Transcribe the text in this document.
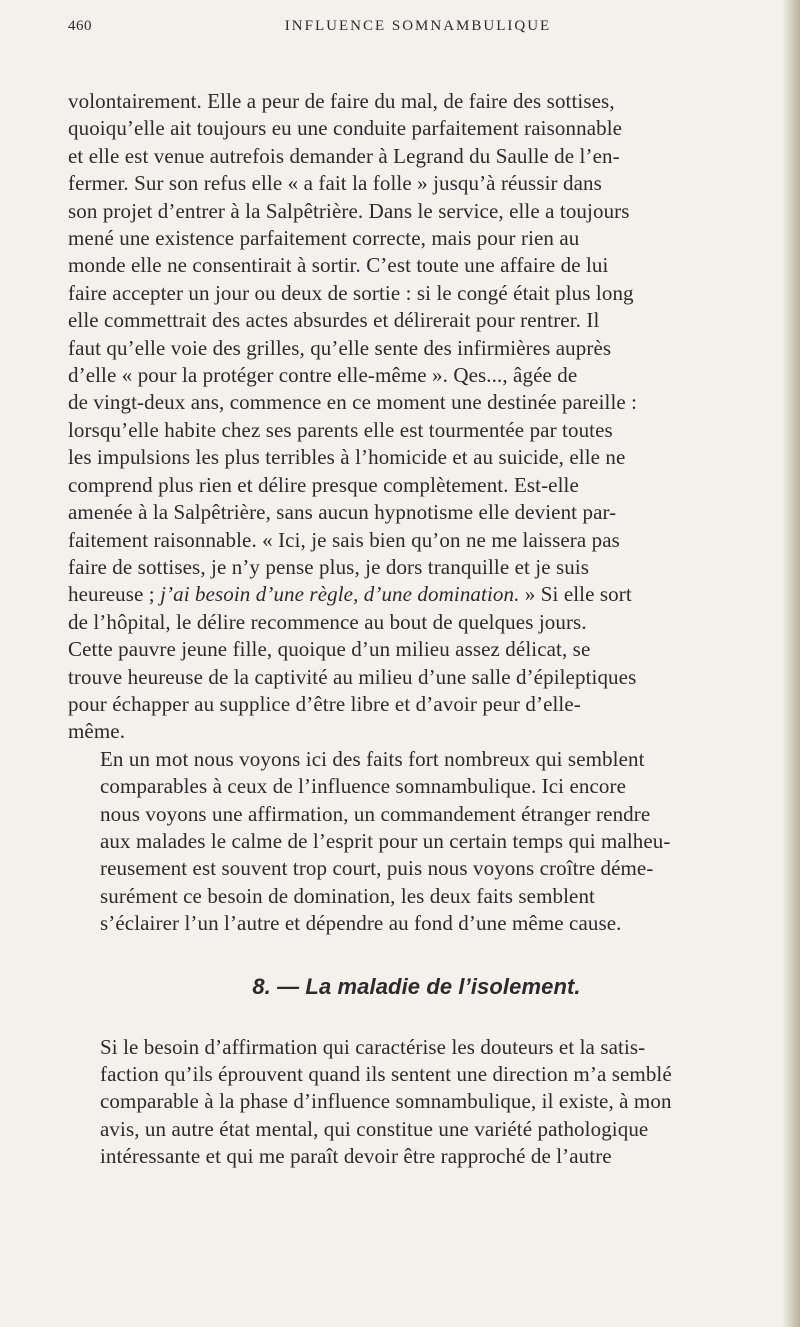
460	INFLUENCE SOMNAMBULIQUE

volontairement. Elle a peur de faire du mal, de faire des sottises,
quoiqu’elle ait toujours eu une conduite parfaitement raisonnable
et elle est venue autrefois demander à Legrand du Saulle de l’en-
fermer. Sur son refus elle « a fait la folle » jusqu’à réussir dans
son projet d’entrer à la Salpêtrière. Dans le service, elle a toujours
mené une existence parfaitement correcte, mais pour rien au
monde elle ne consentirait à sortir. C’est toute une affaire de lui
faire accepter un jour ou deux de sortie : si le congé était plus long
elle commettrait des actes absurdes et délirerait pour rentrer. Il
faut qu’elle voie des grilles, qu’elle sente des infirmières auprès
d’elle « pour la protéger contre elle-même ». Qes..., âgée de
de vingt-deux ans, commence en ce moment une destinée pareille :
lorsqu’elle habite chez ses parents elle est tourmentée par toutes
les impulsions les plus terribles à l’homicide et au suicide, elle ne
comprend plus rien et délire presque complètement. Est-elle
amenée à la Salpêtrière, sans aucun hypnotisme elle devient par-
faitement raisonnable. « Ici, je sais bien qu’on ne me laissera pas
faire de sottises, je n’y pense plus, je dors tranquille et je suis
heureuse ; j’ai besoin d’une règle, d’une domination. » Si elle sort
de l’hôpital, le délire recommence au bout de quelques jours.
Cette pauvre jeune fille, quoique d’un milieu assez délicat, se
trouve heureuse de la captivité au milieu d’une salle d’épileptiques
pour échapper au supplice d’être libre et d’avoir peur d’elle-
même.

En un mot nous voyons ici des faits fort nombreux qui semblent
comparables à ceux de l’influence somnambulique. Ici encore
nous voyons une affirmation, un commandement étranger rendre
aux malades le calme de l’esprit pour un certain temps qui malheu-
reusement est souvent trop court, puis nous voyons croître déme-
surément ce besoin de domination, les deux faits semblent
s’éclairer l’un l’autre et dépendre au fond d’une même cause.

8. — La maladie de l’isolement.

Si le besoin d’affirmation qui caractérise les douteurs et la satis-
faction qu’ils éprouvent quand ils sentent une direction m’a semblé
comparable à la phase d’influence somnambulique, il existe, à mon
avis, un autre état mental, qui constitue une variété pathologique
intéressante et qui me paraît devoir être rapproché de l’autre
